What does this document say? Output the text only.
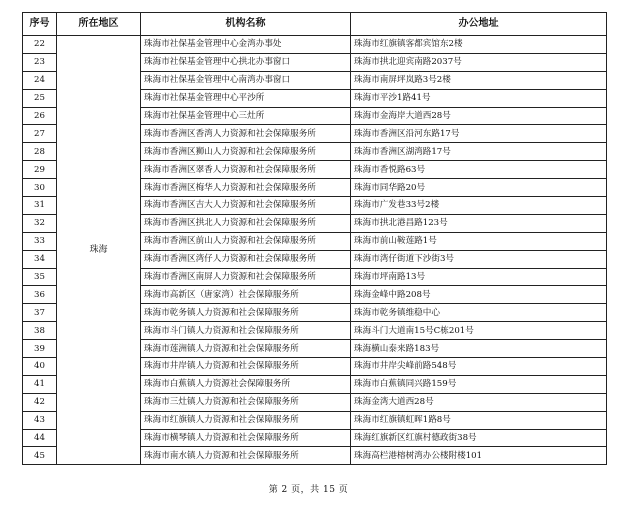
序号	所在地区	机构名称	办公地址
22	珠海	珠海市社保基金管理中心金湾办事处	珠海市红旗镇客都宾馆东2楼
23		珠海市社保基金管理中心拱北办事窗口	珠海市拱北迎宾南路2037号
24		珠海市社保基金管理中心南湾办事窗口	珠海市南屏坪岚路3号2楼
25		珠海市社保基金管理中心平沙所	珠海市平沙1路41号
26		珠海市社保基金管理中心三灶所	珠海市金海岸大道西28号
27		珠海市香洲区香湾人力资源和社会保障服务所	珠海市香洲区沿河东路17号
28		珠海市香洲区狮山人力资源和社会保障服务所	珠海市香洲区湖湾路17号
29		珠海市香洲区翠香人力资源和社会保障服务所	珠海市香悦路63号
30		珠海市香洲区梅华人力资源和社会保障服务所	珠海市同华路20号
31		珠海市香洲区吉大人力资源和社会保障服务所	珠海市广发巷33号2楼
32		珠海市香洲区拱北人力资源和社会保障服务所	珠海市拱北港昌路123号
33		珠海市香洲区前山人力资源和社会保障服务所	珠海市前山鞍莲路1号
34		珠海市香洲区湾仔人力资源和社会保障服务所	珠海市湾仔街道下沙街3号
35		珠海市香洲区南屏人力资源和社会保障服务所	珠海市坪南路13号
36		珠海市高新区（唐家湾）社会保障服务所	珠海金峰中路208号
37		珠海市乾务镇人力资源和社会保障服务所	珠海市乾务镇维稳中心
38		珠海市斗门镇人力资源和社会保障服务所	珠海斗门大道南15号C栋201号
39		珠海市莲洲镇人力资源和社会保障服务所	珠海横山泰来路183号
40		珠海市井岸镇人力资源和社会保障服务所	珠海市井岸尖峰前路548号
41		珠海市白蕉镇人力资源社会保障服务所	珠海市白蕉镇同兴路159号
42		珠海市三灶镇人力资源和社会保障服务所	珠海金湾大道西28号
43		珠海市红旗镇人力资源和社会保障服务所	珠海市红旗镇虹晖1路8号
44		珠海市横琴镇人力资源和社会保障服务所	珠海红旗新区红旗村德政街38号
45		珠海市南水镇人力资源和社会保障服务所	珠海高栏港榕树湾办公楼附楼101
第 2 页，共 15 页
